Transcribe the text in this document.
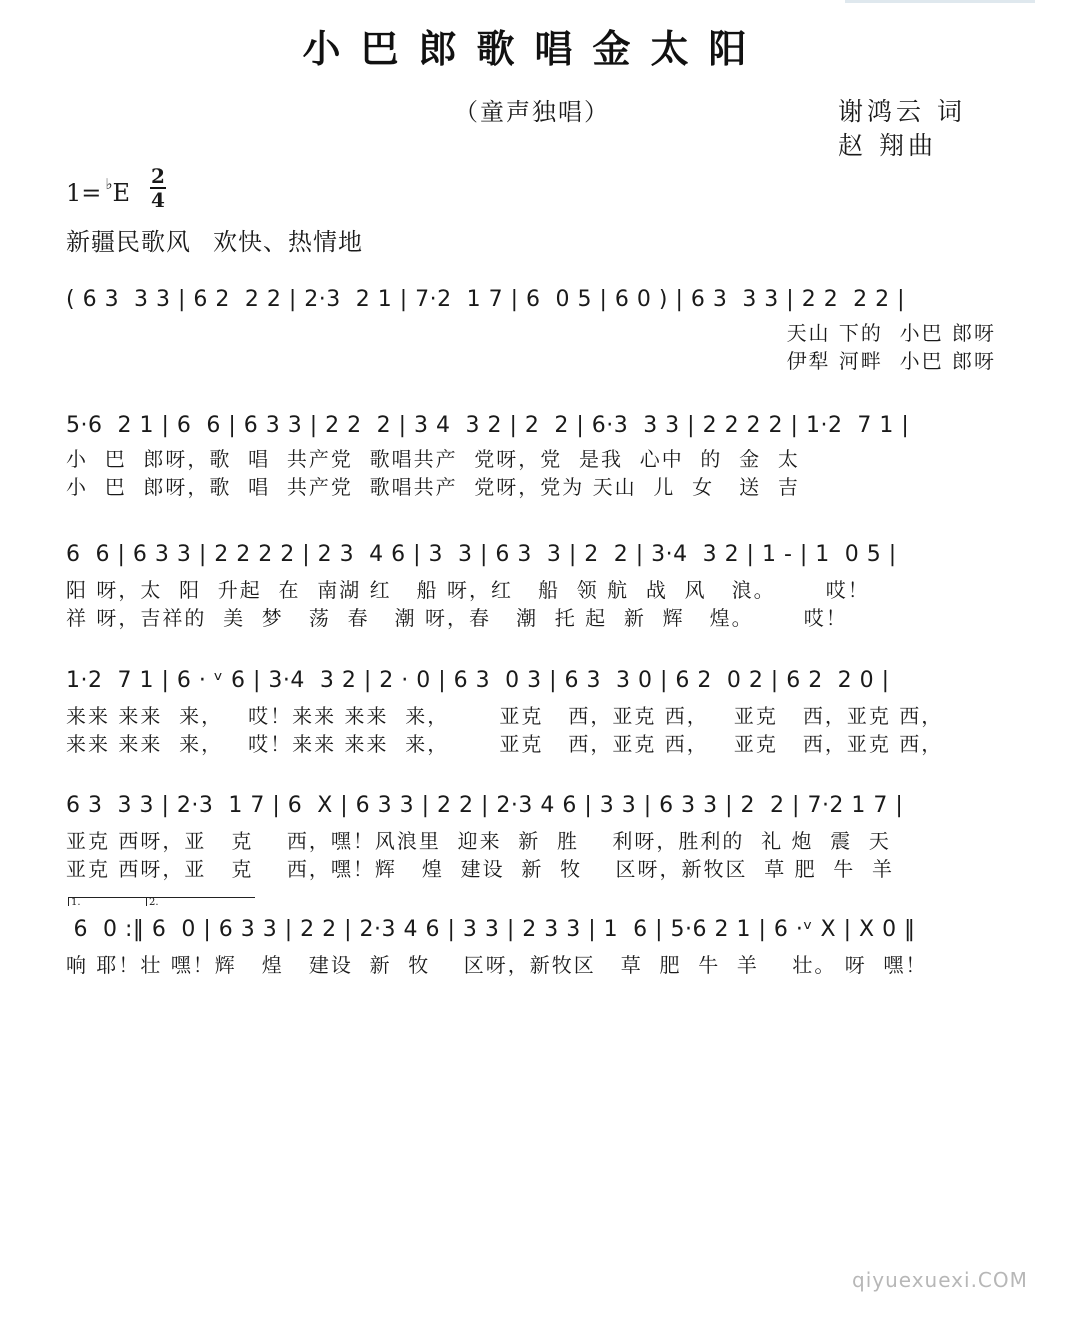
小巴郎歌唱金太阳
（童声独唱）	谢鸿云 词
赵 翔曲
1= ♭E
2
4
新疆民歌风 欢快、热情地
( 6 3  3 3 | 6 2  2 2 | 2·3  2 1 | 7·2  1 7 | 6  0 5 | 6 0 ) | 6 3  3 3 | 2 2  2 2 |
天山 下的  小巴 郎呀
伊犁 河畔  小巴 郎呀
5·6  2 1 | 6  6 | 6 3 3 | 2 2  2 | 3 4  3 2 | 2  2 | 6·3  3 3 | 2 2 2 2 | 1·2  7 1 |
小  巴  郎呀，歌  唱  共产党  歌唱共产  党呀，党  是我  心中  的  金  太
小  巴  郎呀，歌  唱  共产党  歌唱共产  党呀，党为 天山  儿  女   送  吉
6  6 | 6 3 3 | 2 2 2 2 | 2 3  4 6 | 3  3 | 6 3  3 | 2  2 | 3·4  3 2 | 1 - | 1  0 5 |
阳 呀，太  阳  升起  在  南湖 红   船 呀，红   船  领 航  战  风   浪。      哎！
祥 呀，吉祥的  美  梦   荡  春   潮 呀，春   潮  托 起  新  辉   煌。      哎！
1·2  7 1 | 6 · ᵛ 6 | 3·4  3 2 | 2 · 0 | 6 3  0 3 | 6 3  3 0 | 6 2  0 2 | 6 2  2 0 |
来来 来来  来，   哎！来来 来来  来，      亚克   西，亚克 西，   亚克   西，亚克 西，
来来 来来  来，   哎！来来 来来  来，      亚克   西，亚克 西，   亚克   西，亚克 西，
6 3  3 3 | 2·3  1 7 | 6  X | 6 3 3 | 2 2 | 2·3 4 6 | 3 3 | 6 3 3 | 2  2 | 7·2 1 7 |
亚克 西呀，亚   克    西，嘿！风浪里  迎来  新  胜    利呀，胜利的  礼 炮  震  天
亚克 西呀，亚   克    西，嘿！辉   煌  建设  新  牧    区呀，新牧区  草 肥  牛  羊
1.	2.
6  0 :‖ 6  0 | 6 3 3 | 2 2 | 2·3 4 6 | 3 3 | 2 3 3 | 1  6 | 5·6 2 1 | 6 ·ᵛ X | X 0 ‖
响 耶！壮 嘿！辉   煌   建设  新  牧    区呀，新牧区   草  肥  牛  羊    壮。 呀  嘿！
qiyuexuexi.COM
